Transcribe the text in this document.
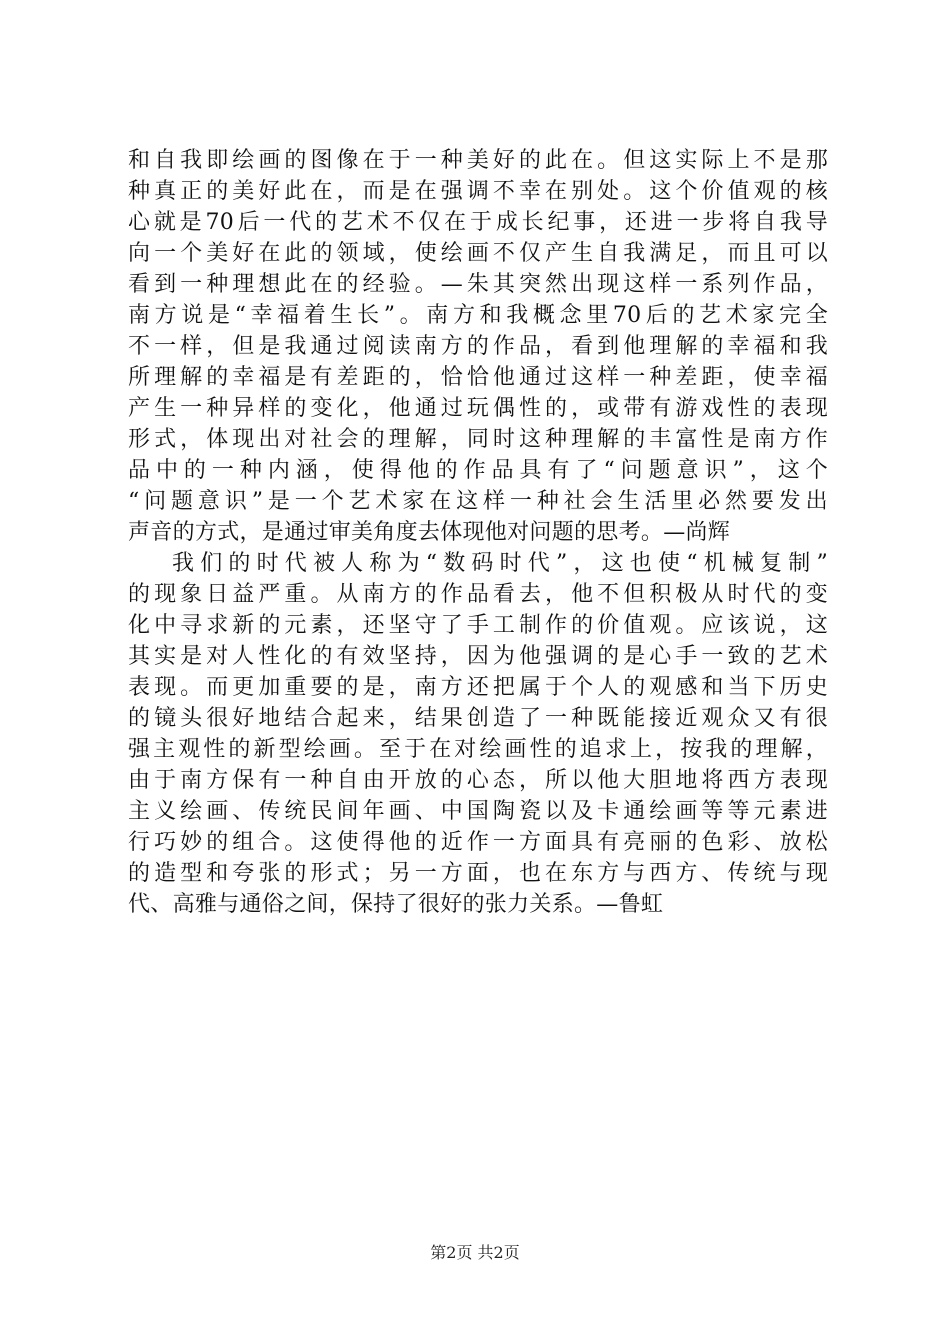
和自我即绘画的图像在于一种美好的此在。但这实际上不是那
种真正的美好此在，而是在强调不幸在别处。这个价值观的核
心就是70后一代的艺术不仅在于成长纪事，还进一步将自我导
向一个美好在此的领域，使绘画不仅产生自我满足，而且可以
看到一种理想此在的经验。—朱其突然出现这样一系列作品，
南方说是“幸福着生长”。南方和我概念里70后的艺术家完全
不一样，但是我通过阅读南方的作品，看到他理解的幸福和我
所理解的幸福是有差距的，恰恰他通过这样一种差距，使幸福
产生一种异样的变化，他通过玩偶性的，或带有游戏性的表现
形式，体现出对社会的理解，同时这种理解的丰富性是南方作
品中的一种内涵，使得他的作品具有了“问题意识”，这个
“问题意识”是一个艺术家在这样一种社会生活里必然要发出
声音的方式，是通过审美角度去体现他对问题的思考。—尚辉
我们的时代被人称为“数码时代”，这也使“机械复制”
的现象日益严重。从南方的作品看去，他不但积极从时代的变
化中寻求新的元素，还坚守了手工制作的价值观。应该说，这
其实是对人性化的有效坚持，因为他强调的是心手一致的艺术
表现。而更加重要的是，南方还把属于个人的观感和当下历史
的镜头很好地结合起来，结果创造了一种既能接近观众又有很
强主观性的新型绘画。至于在对绘画性的追求上，按我的理解，
由于南方保有一种自由开放的心态，所以他大胆地将西方表现
主义绘画、传统民间年画、中国陶瓷以及卡通绘画等等元素进
行巧妙的组合。这使得他的近作一方面具有亮丽的色彩、放松
的造型和夸张的形式；另一方面，也在东方与西方、传统与现
代、高雅与通俗之间，保持了很好的张力关系。—鲁虹
第2页 共2页
